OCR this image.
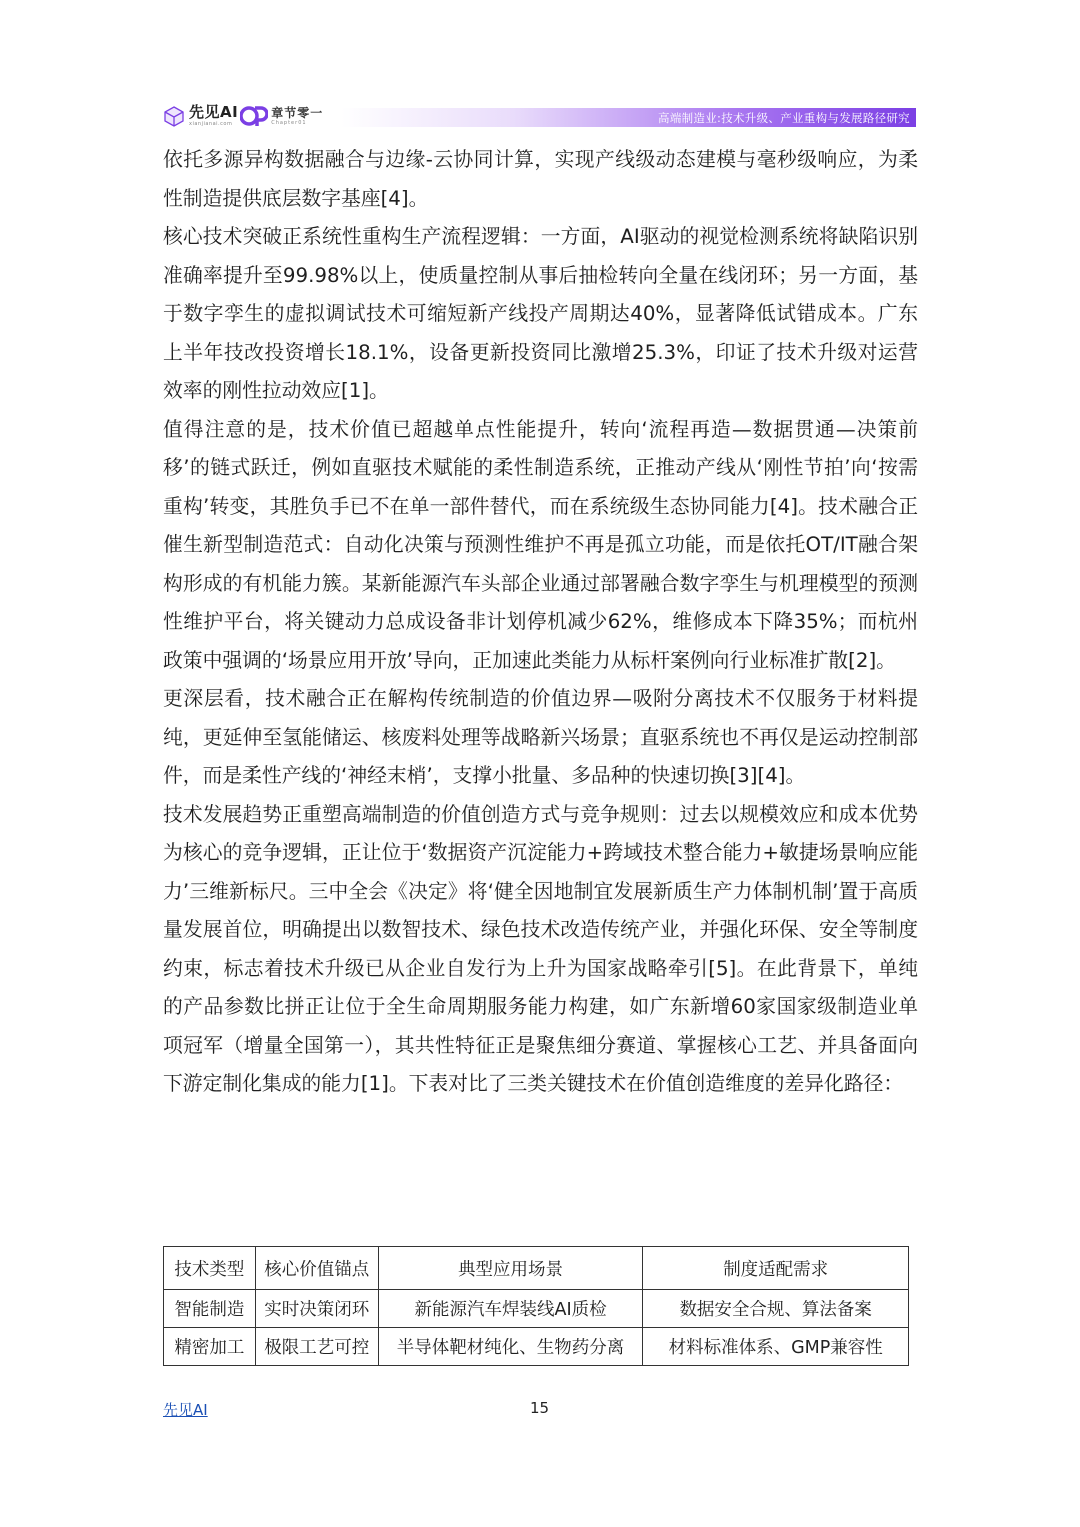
先见AI
xianjianai.com
章节零一
Chapter01	高端制造业:技术升级、产业重构与发展路径研究

依托多源异构数据融合与边缘-云协同计算，实现产线级动态建模与毫秒级响应，为柔性制造提供底层数字基座[4]。

核心技术突破正系统性重构生产流程逻辑：一方面，AI驱动的视觉检测系统将缺陷识别准确率提升至99.98%以上，使质量控制从事后抽检转向全量在线闭环；另一方面，基于数字孪生的虚拟调试技术可缩短新产线投产周期达40%，显著降低试错成本。广东上半年技改投资增长18.1%，设备更新投资同比激增25.3%，印证了技术升级对运营效率的刚性拉动效应[1]。

值得注意的是，技术价值已超越单点性能提升，转向‘流程再造—数据贯通—决策前移’的链式跃迁，例如直驱技术赋能的柔性制造系统，正推动产线从‘刚性节拍’向‘按需重构’转变，其胜负手已不在单一部件替代，而在系统级生态协同能力[4]。技术融合正催生新型制造范式：自动化决策与预测性维护不再是孤立功能，而是依托OT/IT融合架构形成的有机能力簇。某新能源汽车头部企业通过部署融合数字孪生与机理模型的预测性维护平台，将关键动力总成设备非计划停机减少62%，维修成本下降35%；而杭州政策中强调的‘场景应用开放’导向，正加速此类能力从标杆案例向行业标准扩散[2]。

更深层看，技术融合正在解构传统制造的价值边界—吸附分离技术不仅服务于材料提纯，更延伸至氢能储运、核废料处理等战略新兴场景；直驱系统也不再仅是运动控制部件，而是柔性产线的‘神经末梢’，支撑小批量、多品种的快速切换[3][4]。

技术发展趋势正重塑高端制造的价值创造方式与竞争规则：过去以规模效应和成本优势为核心的竞争逻辑，正让位于‘数据资产沉淀能力+跨域技术整合能力+敏捷场景响应能力’三维新标尺。三中全会《决定》将‘健全因地制宜发展新质生产力体制机制’置于高质量发展首位，明确提出以数智技术、绿色技术改造传统产业，并强化环保、安全等制度约束，标志着技术升级已从企业自发行为上升为国家战略牵引[5]。在此背景下，单纯的产品参数比拼正让位于全生命周期服务能力构建，如广东新增60家国家级制造业单项冠军（增量全国第一），其共性特征正是聚焦细分赛道、掌握核心工艺、并具备面向下游定制化集成的能力[1]。下表对比了三类关键技术在价值创造维度的差异化路径：

技术类型	核心价值锚点	典型应用场景	制度适配需求
智能制造	实时决策闭环	新能源汽车焊装线AI质检	数据安全合规、算法备案
精密加工	极限工艺可控	半导体靶材纯化、生物药分离	材料标准体系、GMP兼容性
先见AI	15
